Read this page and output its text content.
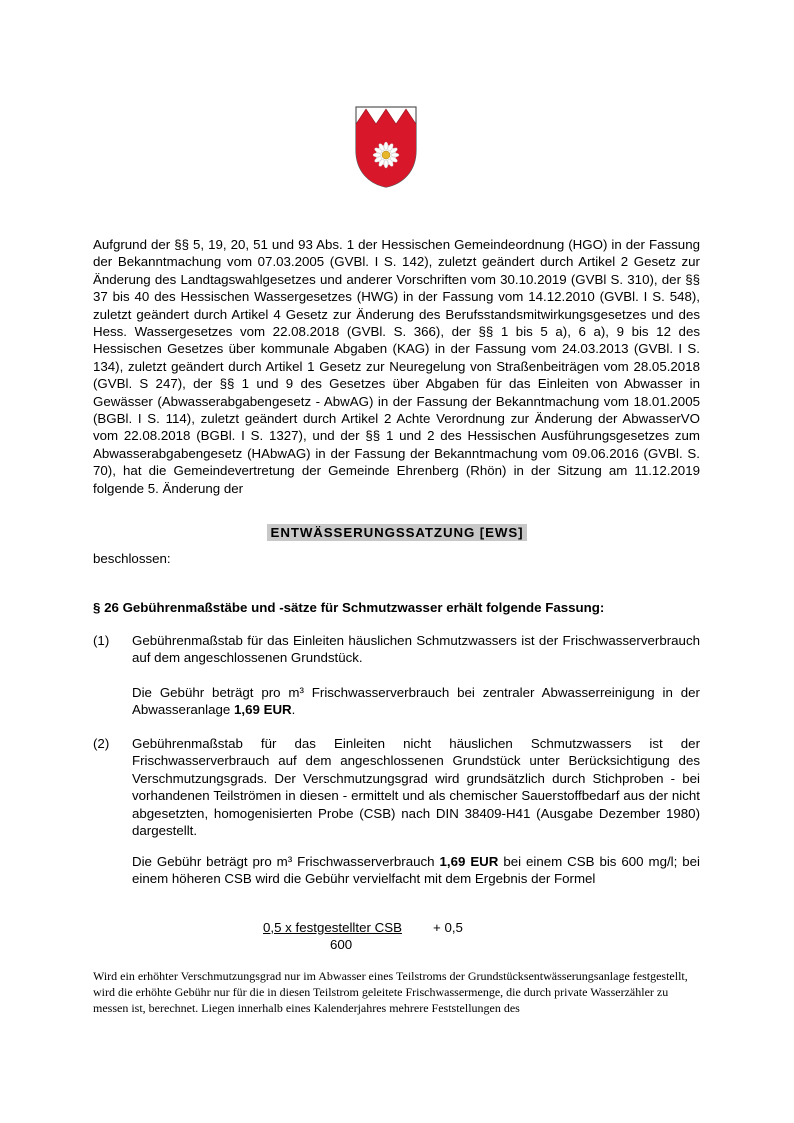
Aufgrund der §§ 5, 19, 20, 51 und 93 Abs. 1 der Hessischen Gemeindeordnung (HGO) in der Fassung der Bekanntmachung vom 07.03.2005 (GVBl. I S. 142), zuletzt geändert durch Artikel 2 Gesetz zur Änderung des Landtagswahlgesetzes und anderer Vorschriften vom 30.10.2019 (GVBl S. 310), der §§ 37 bis 40 des Hessischen Wassergesetzes (HWG) in der Fassung vom 14.12.2010 (GVBl. I S. 548), zuletzt geändert durch Artikel 4 Gesetz zur Änderung des Berufsstandsmitwirkungsgesetzes und des Hess. Wassergesetzes vom 22.08.2018 (GVBl. S. 366), der §§ 1 bis 5 a), 6 a), 9 bis 12 des Hessischen Gesetzes über kommunale Abgaben (KAG) in der Fassung vom 24.03.2013 (GVBl. I S. 134), zuletzt geändert durch Artikel 1 Gesetz zur Neuregelung von Straßenbeiträgen vom 28.05.2018 (GVBl. S 247), der §§ 1 und 9 des Gesetzes über Abgaben für das Einleiten von Abwasser in Gewässer (Abwasserabgabengesetz - AbwAG) in der Fassung der Bekanntmachung vom 18.01.2005 (BGBl. I S. 114), zuletzt geändert durch Artikel 2 Achte Verordnung zur Änderung der AbwasserVO vom 22.08.2018 (BGBl. I S. 1327), und der §§ 1 und 2 des Hessischen Ausführungsgesetzes zum Abwasserabgabengesetz (HAbwAG) in der Fassung der Bekanntmachung vom 09.06.2016 (GVBl. S. 70), hat die Gemeindevertretung der Gemeinde Ehrenberg (Rhön) in der Sitzung am 11.12.2019 folgende 5. Änderung der

ENTWÄSSERUNGSSATZUNG [EWS]
beschlossen:
§ 26 Gebührenmaßstäbe und -sätze für Schmutzwasser erhält folgende Fassung:
(1) Gebührenmaßstab für das Einleiten häuslichen Schmutzwassers ist der Frischwasserverbrauch auf dem angeschlossenen Grundstück.

Die Gebühr beträgt pro m³ Frischwasserverbrauch bei zentraler Abwasserreinigung in der Abwasseranlage 1,69 EUR.

(2) Gebührenmaßstab für das Einleiten nicht häuslichen Schmutzwassers ist der Frischwasserverbrauch auf dem angeschlossenen Grundstück unter Berücksichtigung des Verschmutzungsgrads. Der Verschmutzungsgrad wird grundsätzlich durch Stichproben - bei vorhandenen Teilströmen in diesen - ermittelt und als chemischer Sauerstoffbedarf aus der nicht abgesetzten, homogenisierten Probe (CSB) nach DIN 38409-H41 (Ausgabe Dezember 1980) dargestellt.

Die Gebühr beträgt pro m³ Frischwasserverbrauch 1,69 EUR bei einem CSB bis 600 mg/l; bei einem höheren CSB wird die Gebühr vervielfacht mit dem Ergebnis der Formel

0,5 x festgestellter CSB + 0,5
600

Wird ein erhöhter Verschmutzungsgrad nur im Abwasser eines Teilstroms der Grundstücksentwässerungsanlage festgestellt, wird die erhöhte Gebühr nur für die in diesen Teilstrom geleitete Frischwassermenge, die durch private Wasserzähler zu messen ist, berechnet. Liegen innerhalb eines Kalenderjahres mehrere Feststellungen des
